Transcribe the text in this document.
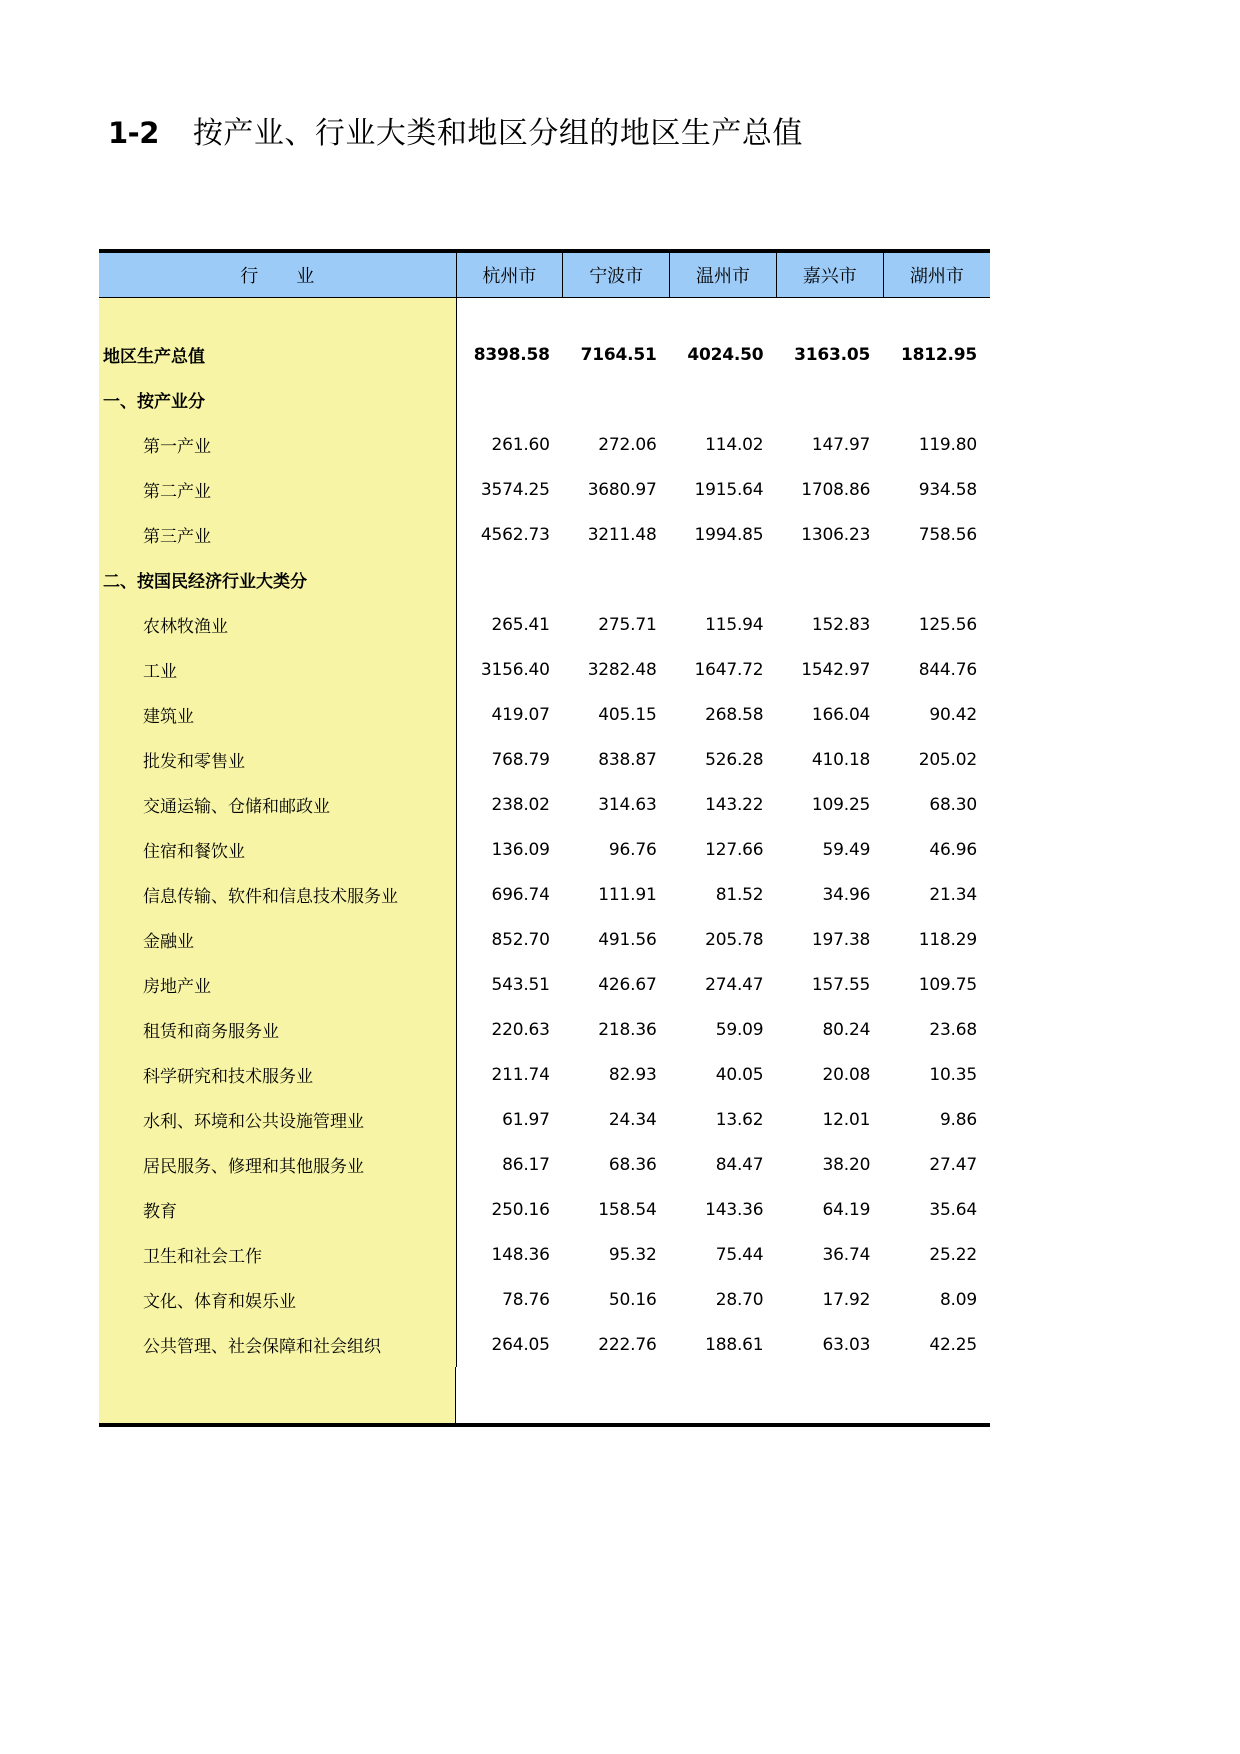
1-2 按产业、行业大类和地区分组的地区生产总值
行　业	杭州市	宁波市	温州市	嘉兴市	湖州市

地区生产总值	8398.58	7164.51	4024.50	3163.05	1812.95
一、按产业分					
第一产业	261.60	272.06	114.02	147.97	119.80
第二产业	3574.25	3680.97	1915.64	1708.86	934.58
第三产业	4562.73	3211.48	1994.85	1306.23	758.56
二、按国民经济行业大类分					
农林牧渔业	265.41	275.71	115.94	152.83	125.56
工业	3156.40	3282.48	1647.72	1542.97	844.76
建筑业	419.07	405.15	268.58	166.04	90.42
批发和零售业	768.79	838.87	526.28	410.18	205.02
交通运输、仓储和邮政业	238.02	314.63	143.22	109.25	68.30
住宿和餐饮业	136.09	96.76	127.66	59.49	46.96
信息传输、软件和信息技术服务业	696.74	111.91	81.52	34.96	21.34
金融业	852.70	491.56	205.78	197.38	118.29
房地产业	543.51	426.67	274.47	157.55	109.75
租赁和商务服务业	220.63	218.36	59.09	80.24	23.68
科学研究和技术服务业	211.74	82.93	40.05	20.08	10.35
水利、环境和公共设施管理业	61.97	24.34	13.62	12.01	9.86
居民服务、修理和其他服务业	86.17	68.36	84.47	38.20	27.47
教育	250.16	158.54	143.36	64.19	35.64
卫生和社会工作	148.36	95.32	75.44	36.74	25.22
文化、体育和娱乐业	78.76	50.16	28.70	17.92	8.09
公共管理、社会保障和社会组织	264.05	222.76	188.61	63.03	42.25
